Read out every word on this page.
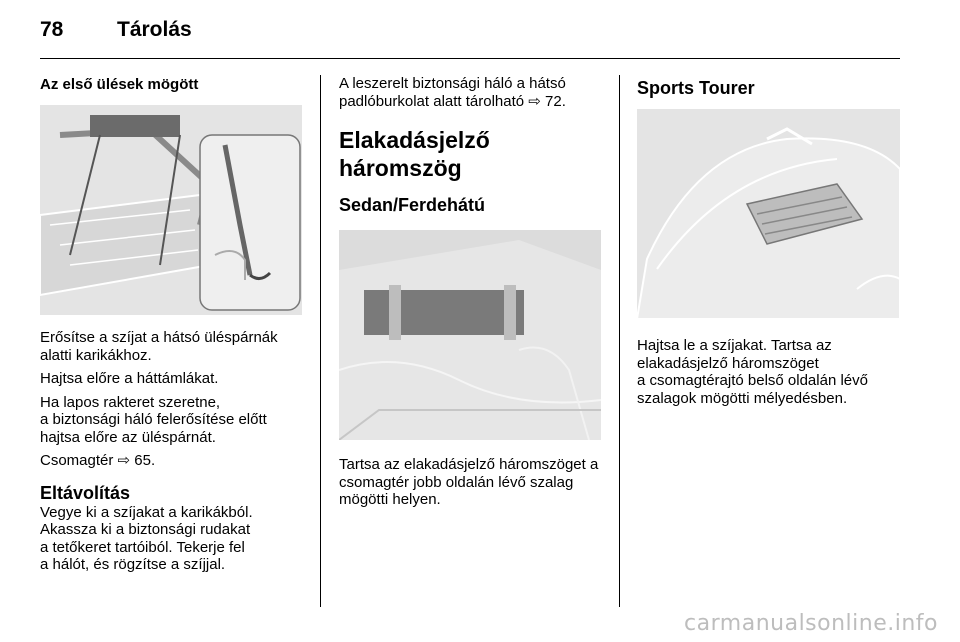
78	Tárolás
Az első ülések mögött

Erősítse a szíjat a hátsó üléspárnák alatti karikákhoz.

Hajtsa előre a háttámlákat.

Ha lapos rakteret szeretne,
a biztonsági háló felerősítése előtt hajtsa előre az üléspárnát.

Csomagtér ⇨ 65.

Eltávolítás

Vegye ki a szíjakat a karikákból. Akassza ki a biztonsági rudakat
a tetőkeret tartóiból. Tekerje fel
a hálót, és rögzítse a szíjjal.

A leszerelt biztonsági háló a hátsó padlóburkolat alatt tárolható ⇨ 72.

Elakadásjelző háromszög
Sedan/Ferdehátú

Tartsa az elakadásjelző háromszöget a csomagtér jobb oldalán lévő szalag mögötti helyen.

Sports Tourer

Hajtsa le a szíjakat. Tartsa az
elakadásjelző háromszöget
a csomagtérajtó belső oldalán lévő szalagok mögötti mélyedésben.

carmanualsonline.info
